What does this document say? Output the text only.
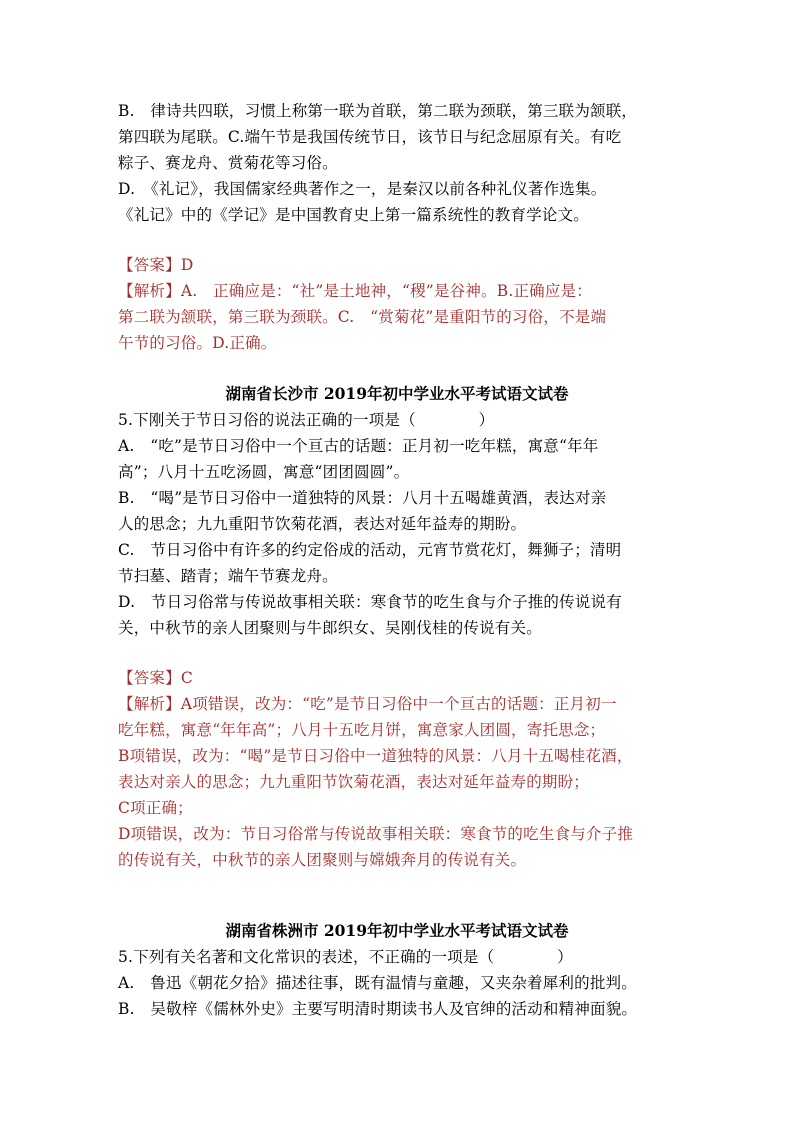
B.　律诗共四联，习惯上称第一联为首联，第二联为颈联，第三联为颔联，
第四联为尾联。C.端午节是我国传统节日，该节日与纪念屈原有关。有吃
粽子、赛龙舟、赏菊花等习俗。
D.　《礼记》，我国儒家经典著作之一，是秦汉以前各种礼仪著作选集。
《礼记》中的《学记》是中国教育史上第一篇系统性的教育学论文。
【答案】D
【解析】A.　正确应是：“社”是土地神，“稷”是谷神。B.正确应是：
第二联为颔联，第三联为颈联。C.　“赏菊花”是重阳节的习俗，不是端
午节的习俗。D.正确。
湖南省长沙市 2019年初中学业水平考试语文试卷
5.下刚关于节日习俗的说法正确的一项是（　　　　）
A.　“吃”是节日习俗中一个亘古的话题：正月初一吃年糕，寓意“年年
高”；八月十五吃汤圆，寓意“团团圆圆”。
B.　“喝”是节日习俗中一道独特的风景：八月十五喝雄黄酒，表达对亲
人的思念；九九重阳节饮菊花酒，表达对延年益寿的期盼。
C.　节日习俗中有许多的约定俗成的活动，元宵节赏花灯，舞狮子；清明
节扫墓、踏青；端午节赛龙舟。
D.　节日习俗常与传说故事相关联：寒食节的吃生食与介子推的传说说有
关，中秋节的亲人团聚则与牛郎织女、吴刚伐桂的传说有关。
【答案】C
【解析】A项错误，改为：“吃”是节日习俗中一个亘古的话题：正月初一
吃年糕，寓意“年年高”；八月十五吃月饼，寓意家人团圆，寄托思念；
B项错误，改为：“喝”是节日习俗中一道独特的风景：八月十五喝桂花酒，
表达对亲人的思念；九九重阳节饮菊花酒，表达对延年益寿的期盼；
C项正确；
D项错误，改为：节日习俗常与传说故事相关联：寒食节的吃生食与介子推
的传说有关，中秋节的亲人团聚则与嫦娥奔月的传说有关。
湖南省株洲市 2019年初中学业水平考试语文试卷
5.下列有关名著和文化常识的表述，不正确的一项是（　　　　）
A.　鲁迅《朝花夕拾》描述往事，既有温情与童趣，又夹杂着犀利的批判。
B.　吴敬梓《儒林外史》主要写明清时期读书人及官绅的活动和精神面貌。
